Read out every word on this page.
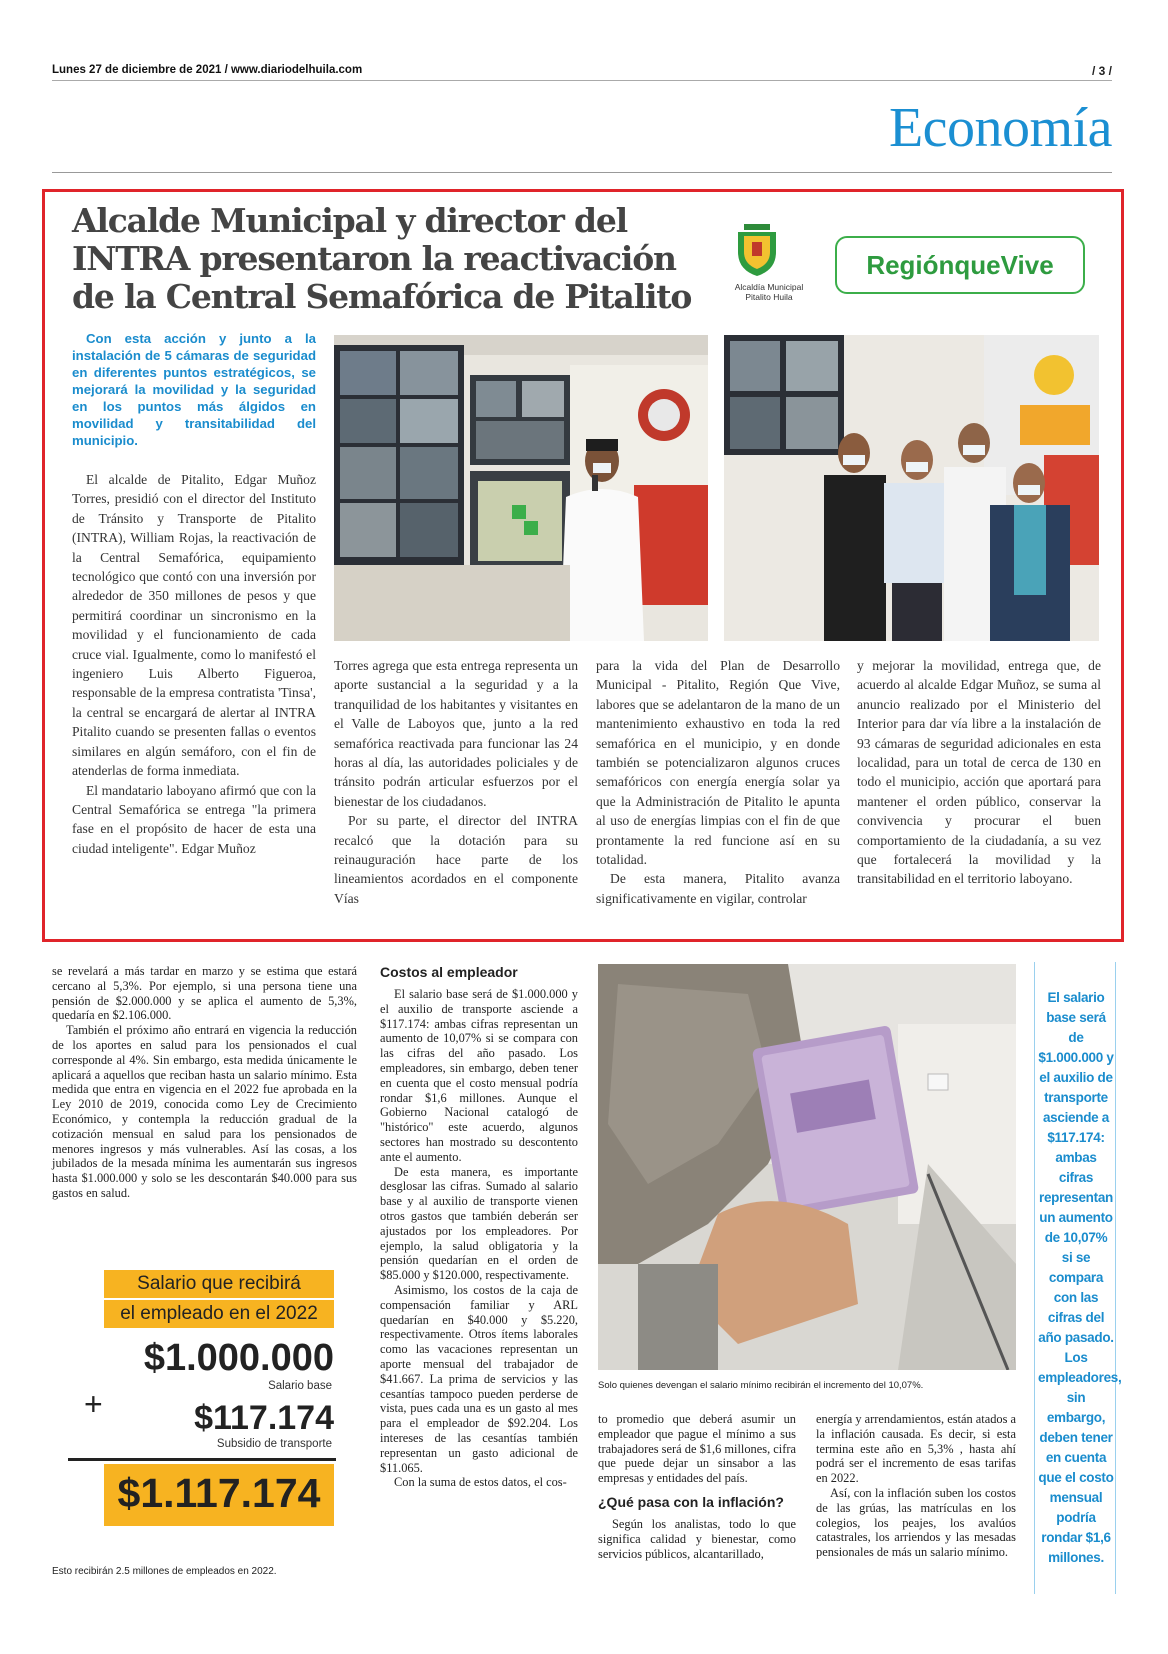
Lunes 27 de diciembre de 2021 / www.diariodelhuila.com	/ 3 /
Economía
Alcalde Municipal y director del INTRA presentaron la reactivación de la Central Semafórica de Pitalito	Alcaldía Municipal Pitalito Huila
RegiónqueVive
Con esta acción y junto a la instalación de 5 cámaras de seguridad en diferentes puntos estratégicos, se mejorará la movilidad y la seguridad en los puntos más álgidos en movilidad y transitabilidad del municipio.

El alcalde de Pitalito, Edgar Muñoz Torres, presidió con el director del Instituto de Tránsito y Transporte de Pitalito (INTRA), William Rojas, la reactivación de la Central Semafórica, equipamiento tecnológico que contó con una inversión por alrededor de 350 millones de pesos y que permitirá coordinar un sincronismo en la movilidad y el funcionamiento de cada cruce vial. Igualmente, como lo manifestó el ingeniero Luis Alberto Figueroa, responsable de la empresa contratista 'Tinsa', la central se encargará de alertar al INTRA Pitalito cuando se presenten fallas o eventos similares en algún semáforo, con el fin de atenderlas de forma inmediata.

El mandatario laboyano afirmó que con la Central Semafórica se entrega "la primera fase en el propósito de hacer de esta una ciudad inteligente". Edgar Muñoz

Torres agrega que esta entrega representa un aporte sustancial a la seguridad y a la tranquilidad de los habitantes y visitantes en el Valle de Laboyos que, junto a la red semafórica reactivada para funcionar las 24 horas al día, las autoridades policiales y de tránsito podrán articular esfuerzos por el bienestar de los ciudadanos.

Por su parte, el director del INTRA recalcó que la dotación para su reinauguración hace parte de los lineamientos acordados en el componente Vías

para la vida del Plan de Desarrollo Municipal - Pitalito, Región Que Vive, labores que se adelantaron de la mano de un mantenimiento exhaustivo en toda la red semafórica en el municipio, y en donde también se potencializaron algunos cruces semafóricos con energía energía solar ya que la Administración de Pitalito le apunta al uso de energías limpias con el fin de que prontamente la red funcione así en su totalidad.

De esta manera, Pitalito avanza significativamente en vigilar, controlar

y mejorar la movilidad, entrega que, de acuerdo al alcalde Edgar Muñoz, se suma al anuncio realizado por el Ministerio del Interior para dar vía libre a la instalación de 93 cámaras de seguridad adicionales en esta localidad, para un total de cerca de 130 en todo el municipio, acción que aportará para mantener el orden público, conservar la convivencia y procurar el buen comportamiento de la ciudadanía, a su vez que fortalecerá la movilidad y la transitabilidad en el territorio laboyano.

se revelará a más tardar en marzo y se estima que estará cercano al 5,3%. Por ejemplo, si una persona tiene una pensión de $2.000.000 y se aplica el aumento de 5,3%, quedaría en $2.106.000.

También el próximo año entrará en vigencia la reducción de los aportes en salud para los pensionados el cual corresponde al 4%. Sin embargo, esta medida únicamente le aplicará a aquellos que reciban hasta un salario mínimo. Esta medida que entra en vigencia en el 2022 fue aprobada en la Ley 2010 de 2019, conocida como Ley de Crecimiento Económico, y contempla la reducción gradual de la cotización mensual en salud para los pensionados de menores ingresos y más vulnerables. Así las cosas, a los jubilados de la mesada mínima les aumentarán sus ingresos hasta $1.000.000 y solo se les descontarán $40.000 para sus gastos en salud.

Costos al empleador

El salario base será de $1.000.000 y el auxilio de transporte asciende a $117.174: ambas cifras representan un aumento de 10,07% si se compara con las cifras del año pasado. Los empleadores, sin embargo, deben tener en cuenta que el costo mensual podría rondar $1,6 millones. Aunque el Gobierno Nacional catalogó de "histórico" este acuerdo, algunos sectores han mostrado su descontento ante el aumento.

De esta manera, es importante desglosar las cifras. Sumado al salario base y al auxilio de transporte vienen otros gastos que también deberán ser ajustados por los empleadores. Por ejemplo, la salud obligatoria y la pensión quedarían en el orden de $85.000 y $120.000, respectivamente.

Asimismo, los costos de la caja de compensación familiar y ARL quedarían en $40.000 y $5.220, respectivamente. Otros ítems laborales como las vacaciones representan un aporte mensual del trabajador de $41.667. La prima de servicios y las cesantías tampoco pueden perderse de vista, pues cada una es un gasto al mes para el empleador de $92.204. Los intereses de las cesantías también representan un gasto adicional de $11.065.

Con la suma de estos datos, el cos-

Solo quienes devengan el salario mínimo recibirán el incremento del 10,07%.

to promedio que deberá asumir un empleador que pague el mínimo a sus trabajadores será de $1,6 millones, cifra que puede dejar un sinsabor a las empresas y entidades del país.

¿Qué pasa con la inflación?

Según los analistas, todo lo que significa calidad y bienestar, como servicios públicos, alcantarillado,

energía y arrendamientos, están atados a la inflación causada. Es decir, si esta termina este año en 5,3% , hasta ahí podrá ser el incremento de esas tarifas en 2022.

Así, con la inflación suben los costos de las grúas, las matrículas en los colegios, los peajes, los avalúos catastrales, los arriendos y las mesadas pensionales de más un salario mínimo.

El salario base será de $1.000.000 y el auxilio de transporte asciende a $117.174: ambas cifras representan un aumento de 10,07% si se compara con las cifras del año pasado. Los empleadores, sin embargo, deben tener en cuenta que el costo mensual podría rondar $1,6 millones.
Salario que recibirá
el empleado en el 2022
$1.000.000
Salario base
+	$117.174
Subsidio de transporte
$1.117.174
Esto recibirán 2.5 millones de empleados en 2022.
